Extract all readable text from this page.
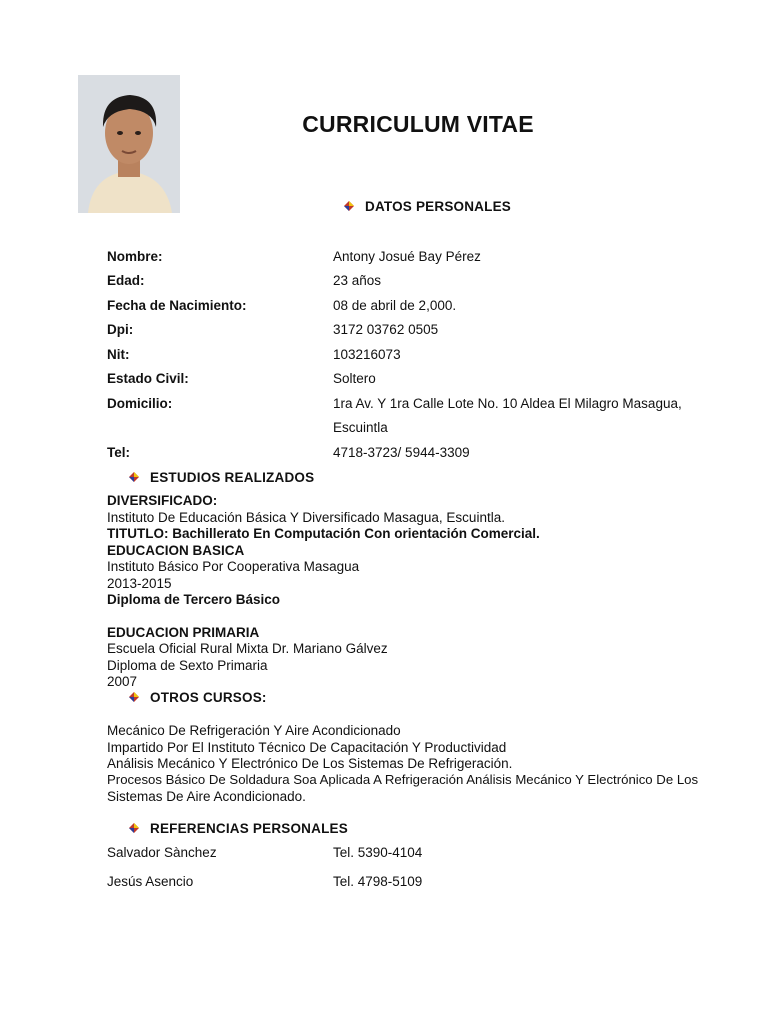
CURRICULUM VITAE
DATOS PERSONALES
Nombre:	Antony Josué Bay Pérez
Edad:	23 años
Fecha de Nacimiento:	08 de abril de 2,000.
Dpi:	3172 03762 0505
Nit:	103216073
Estado Civil:	Soltero
Domicilio:	1ra Av. Y 1ra Calle Lote No. 10 Aldea El Milagro Masagua,
Escuintla
Tel:	4718-3723/ 5944-3309
ESTUDIOS REALIZADOS
DIVERSIFICADO:
Instituto De Educación Básica Y Diversificado Masagua, Escuintla.
TITUTLO: Bachillerato En Computación Con orientación Comercial.
EDUCACION BASICA
Instituto Básico Por Cooperativa Masagua
2013-2015
Diploma de Tercero Básico
EDUCACION PRIMARIA
Escuela Oficial Rural Mixta Dr. Mariano Gálvez
Diploma de Sexto Primaria
2007
OTROS CURSOS:
Mecánico De Refrigeración Y Aire Acondicionado
Impartido Por El Instituto Técnico De Capacitación Y Productividad
Análisis Mecánico Y Electrónico De Los Sistemas De Refrigeración.
Procesos Básico De Soldadura Soa Aplicada A Refrigeración Análisis Mecánico Y Electrónico De Los
Sistemas De Aire Acondicionado.
REFERENCIAS PERSONALES
Salvador Sànchez	Tel. 5390-4104
Jesús Asencio	Tel. 4798-5109
